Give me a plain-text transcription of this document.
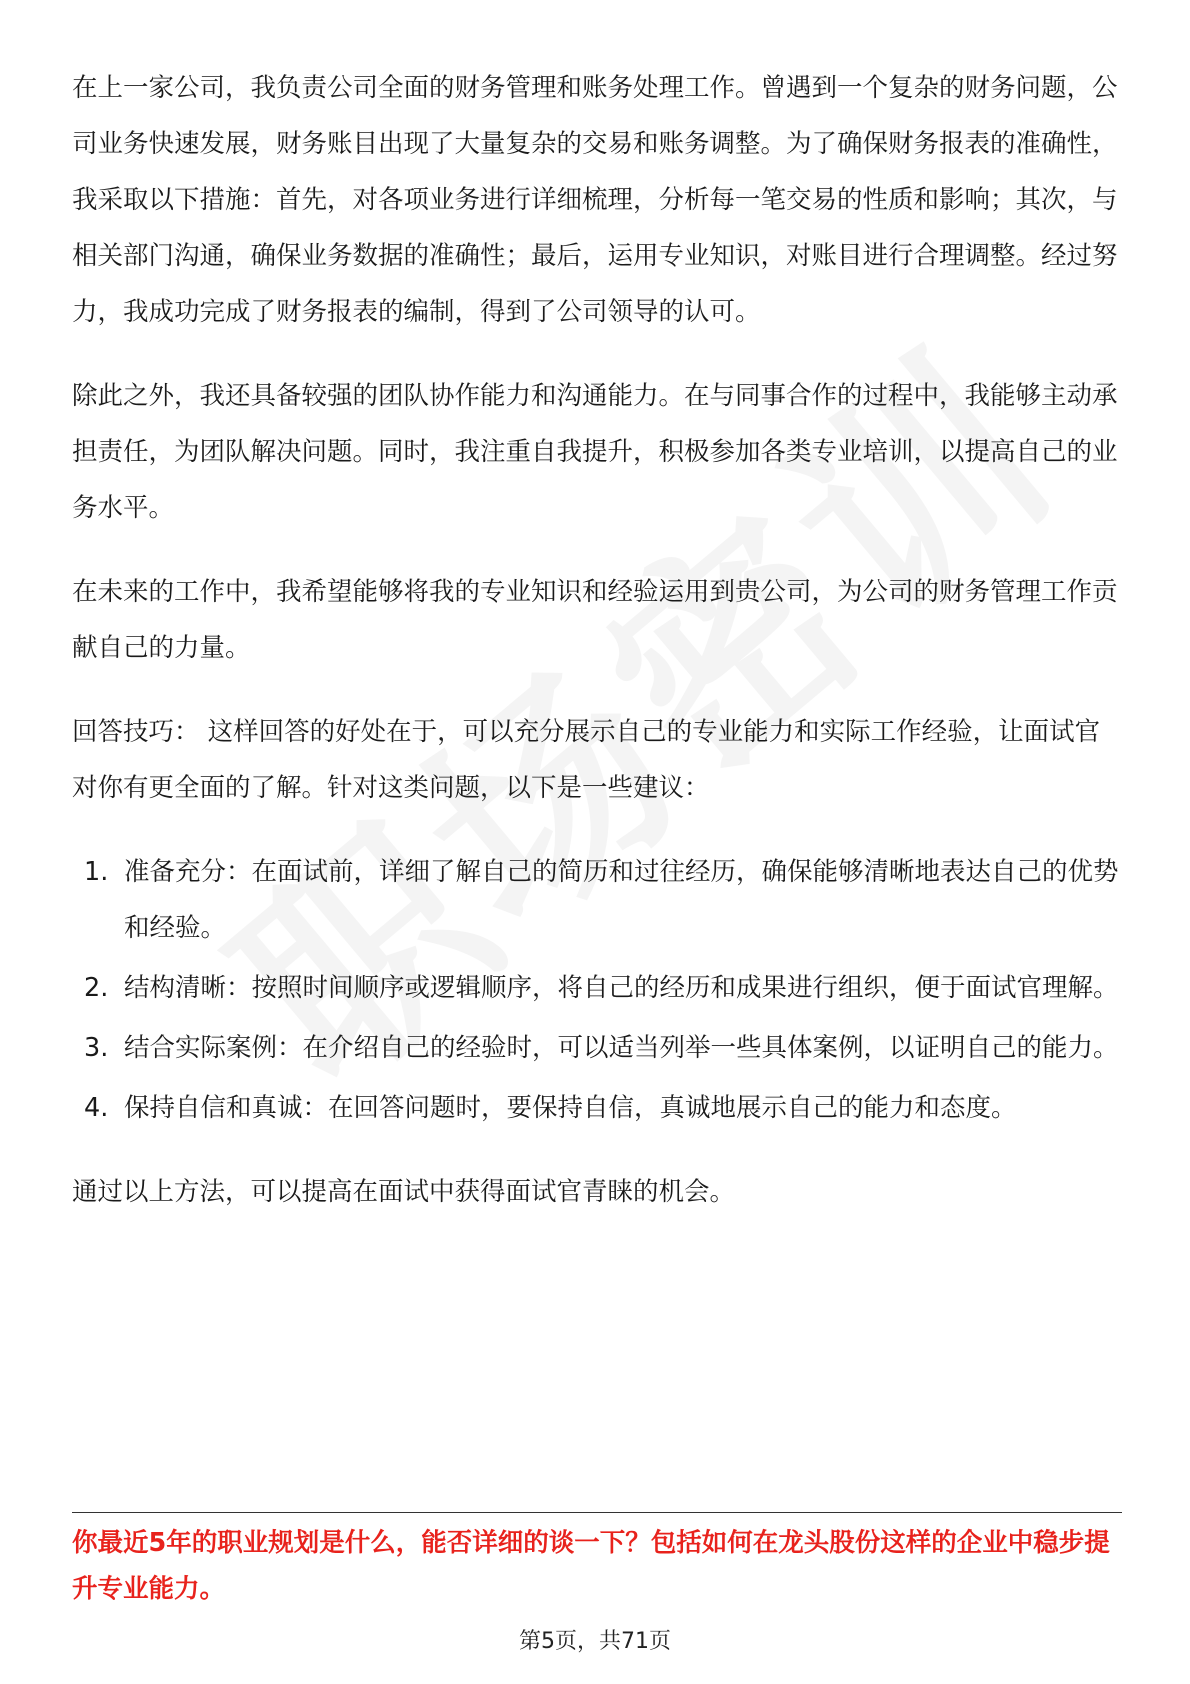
在上一家公司，我负责公司全面的财务管理和账务处理工作。曾遇到一个复杂的财务问题，公司业务快速发展，财务账目出现了大量复杂的交易和账务调整。为了确保财务报表的准确性，我采取以下措施：首先，对各项业务进行详细梳理，分析每一笔交易的性质和影响；其次，与相关部门沟通，确保业务数据的准确性；最后，运用专业知识，对账目进行合理调整。经过努力，我成功完成了财务报表的编制，得到了公司领导的认可。

除此之外，我还具备较强的团队协作能力和沟通能力。在与同事合作的过程中，我能够主动承担责任，为团队解决问题。同时，我注重自我提升，积极参加各类专业培训，以提高自己的业务水平。

在未来的工作中，我希望能够将我的专业知识和经验运用到贵公司，为公司的财务管理工作贡献自己的力量。

回答技巧： 这样回答的好处在于，可以充分展示自己的专业能力和实际工作经验，让面试官对你有更全面的了解。针对这类问题，以下是一些建议：

1. 准备充分：在面试前，详细了解自己的简历和过往经历，确保能够清晰地表达自己的优势和经验。
2. 结构清晰：按照时间顺序或逻辑顺序，将自己的经历和成果进行组织，便于面试官理解。
3. 结合实际案例：在介绍自己的经验时，可以适当列举一些具体案例，以证明自己的能力。
4. 保持自信和真诚：在回答问题时，要保持自信，真诚地展示自己的能力和态度。

通过以上方法，可以提高在面试中获得面试官青睐的机会。

你最近5年的职业规划是什么，能否详细的谈一下？包括如何在龙头股份这样的企业中稳步提升专业能力。

第5页，共71页
